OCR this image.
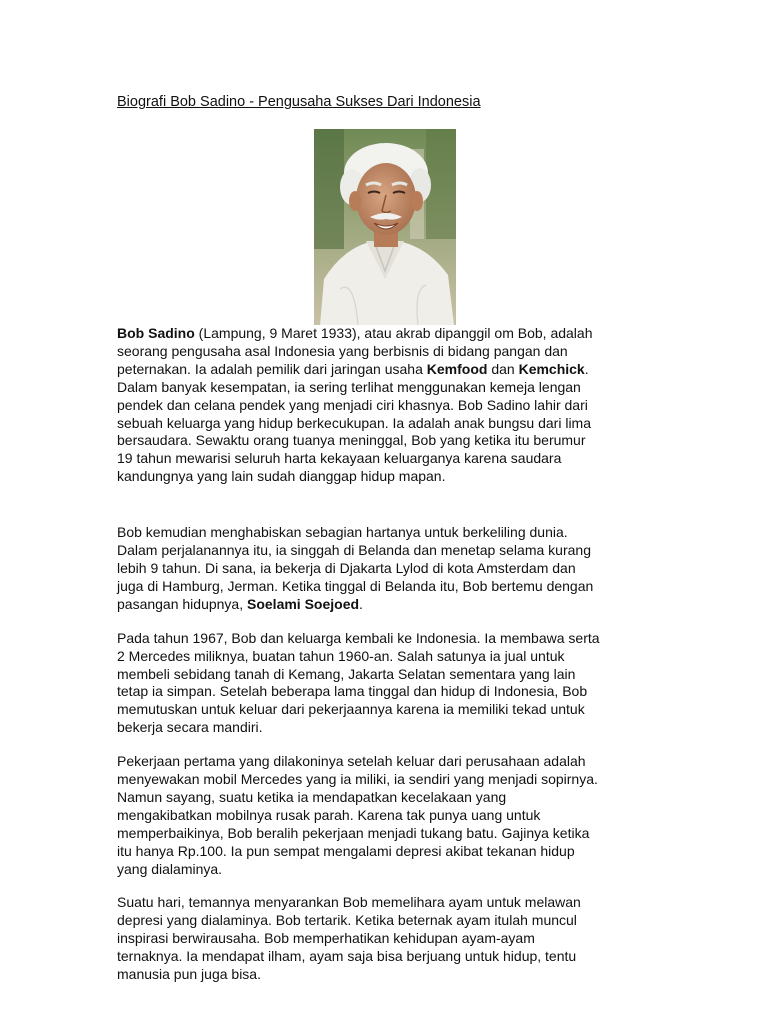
Biografi Bob Sadino - Pengusaha Sukses Dari Indonesia

Bob Sadino (Lampung, 9 Maret 1933), atau akrab dipanggil om Bob, adalah
seorang pengusaha asal Indonesia yang berbisnis di bidang pangan dan
peternakan. Ia adalah pemilik dari jaringan usaha Kemfood dan Kemchick.
Dalam banyak kesempatan, ia sering terlihat menggunakan kemeja lengan
pendek dan celana pendek yang menjadi ciri khasnya. Bob Sadino lahir dari
sebuah keluarga yang hidup berkecukupan. Ia adalah anak bungsu dari lima
bersaudara. Sewaktu orang tuanya meninggal, Bob yang ketika itu berumur
19 tahun mewarisi seluruh harta kekayaan keluarganya karena saudara
kandungnya yang lain sudah dianggap hidup mapan.

Bob kemudian menghabiskan sebagian hartanya untuk berkeliling dunia.
Dalam perjalanannya itu, ia singgah di Belanda dan menetap selama kurang
lebih 9 tahun. Di sana, ia bekerja di Djakarta Lylod di kota Amsterdam dan
juga di Hamburg, Jerman. Ketika tinggal di Belanda itu, Bob bertemu dengan
pasangan hidupnya, Soelami Soejoed.

Pada tahun 1967, Bob dan keluarga kembali ke Indonesia. Ia membawa serta
2 Mercedes miliknya, buatan tahun 1960-an. Salah satunya ia jual untuk
membeli sebidang tanah di Kemang, Jakarta Selatan sementara yang lain
tetap ia simpan. Setelah beberapa lama tinggal dan hidup di Indonesia, Bob
memutuskan untuk keluar dari pekerjaannya karena ia memiliki tekad untuk
bekerja secara mandiri.

Pekerjaan pertama yang dilakoninya setelah keluar dari perusahaan adalah
menyewakan mobil Mercedes yang ia miliki, ia sendiri yang menjadi sopirnya.
Namun sayang, suatu ketika ia mendapatkan kecelakaan yang
mengakibatkan mobilnya rusak parah. Karena tak punya uang untuk
memperbaikinya, Bob beralih pekerjaan menjadi tukang batu. Gajinya ketika
itu hanya Rp.100. Ia pun sempat mengalami depresi akibat tekanan hidup
yang dialaminya.

Suatu hari, temannya menyarankan Bob memelihara ayam untuk melawan
depresi yang dialaminya. Bob tertarik. Ketika beternak ayam itulah muncul
inspirasi berwirausaha. Bob memperhatikan kehidupan ayam-ayam
ternaknya. Ia mendapat ilham, ayam saja bisa berjuang untuk hidup, tentu
manusia pun juga bisa.
